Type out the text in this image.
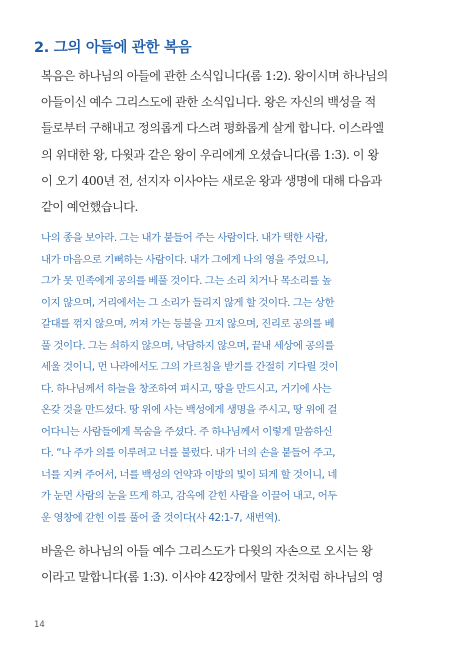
2. 그의 아들에 관한 복음
복음은 하나님의 아들에 관한 소식입니다(롬 1:2). 왕이시며 하나님의
아들이신 예수 그리스도에 관한 소식입니다. 왕은 자신의 백성을 적
들로부터 구해내고 정의롭게 다스려 평화롭게 살게 합니다. 이스라엘
의 위대한 왕, 다윗과 같은 왕이 우리에게 오셨습니다(롬 1:3). 이 왕
이 오기 400년 전, 선지자 이사야는 새로운 왕과 생명에 대해 다음과
같이 예언했습니다.
나의 종을 보아라. 그는 내가 붙들어 주는 사람이다. 내가 택한 사람,
내가 마음으로 기뻐하는 사람이다. 내가 그에게 나의 영을 주었으니,
그가 못 민족에게 공의를 베풀 것이다. 그는 소리 치거나 목소리를 높
이지 않으며, 거리에서는 그 소리가 들리지 않게 할 것이다. 그는 상한
갈대를 꺾지 않으며, 꺼져 가는 등불을 끄지 않으며, 진리로 공의를 베
풀 것이다. 그는 쇠하지 않으며, 낙담하지 않으며, 끝내 세상에 공의를
세울 것이니, 먼 나라에서도 그의 가르침을 받기를 간절히 기다릴 것이
다. 하나님께서 하늘을 창조하여 펴시고, 땅을 만드시고, 거기에 사는
온갖 것을 만드셨다. 땅 위에 사는 백성에게 생명을 주시고, 땅 위에 걸
어다니는 사람들에게 목숨을 주셨다. 주 하나님께서 이렇게 말씀하신
다. “나 주가 의를 이루려고 너를 불렀다. 내가 너의 손을 붙들어 주고,
너를 지켜 주어서, 너를 백성의 언약과 이방의 빛이 되게 할 것이니, 네
가 눈먼 사람의 눈을 뜨게 하고, 감옥에 갇힌 사람을 이끌어 내고, 어두
운 영창에 갇힌 이를 풀어 줄 것이다(사 42:1-7, 새번역).
바울은 하나님의 아들 예수 그리스도가 다윗의 자손으로 오시는 왕
이라고 말합니다(롬 1:3). 이사야 42장에서 말한 것처럼 하나님의 영
14
